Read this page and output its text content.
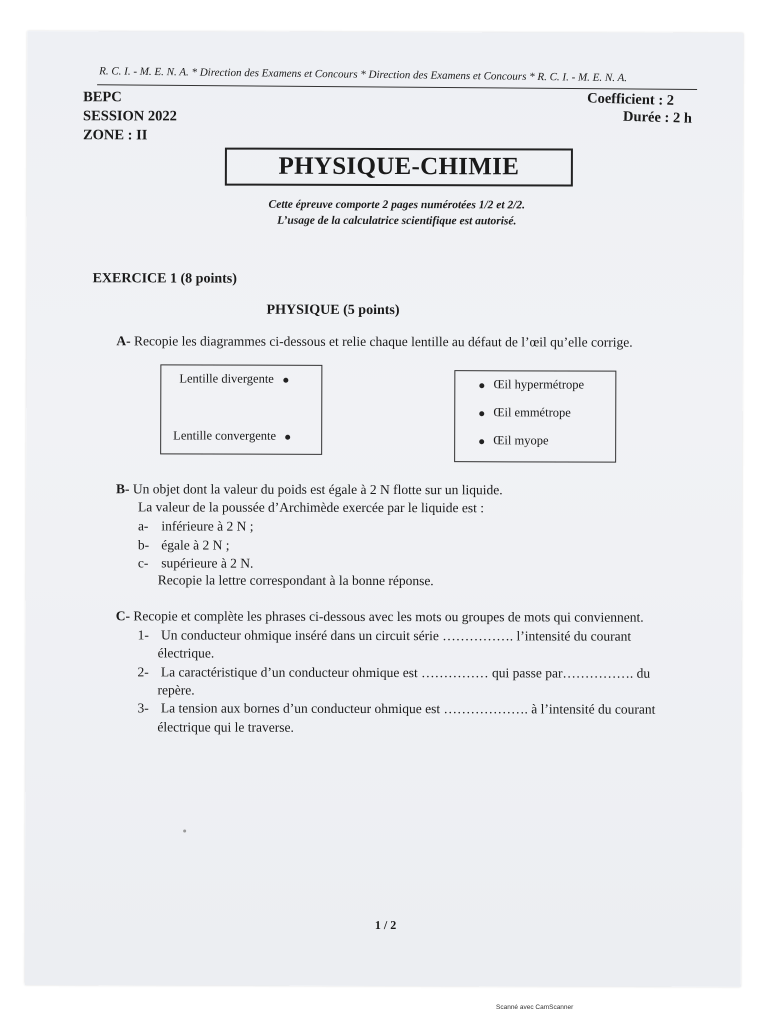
R. C. I. - M. E. N. A. * Direction des Examens et Concours * Direction des Examens et Concours * R. C. I. - M. E. N. A.
BEPC
SESSION 2022
ZONE : II
Coefficient : 2
Durée : 2 h
PHYSIQUE-CHIMIE
Cette épreuve comporte 2 pages numérotées 1/2 et 2/2.
L’usage de la calculatrice scientifique est autorisé.
EXERCICE 1 (8 points)
PHYSIQUE (5 points)
A- Recopie les diagrammes ci-dessous et relie chaque lentille au défaut de l’œil qu’elle corrige.
Lentille divergente
Lentille convergente
Œil hypermétrope
Œil emmétrope
Œil myope
B- Un objet dont la valeur du poids est égale à 2 N flotte sur un liquide.
La valeur de la poussée d’Archimède exercée par le liquide est :
a- inférieure à 2 N ;
b- égale à 2 N ;
c- supérieure à 2 N.
Recopie la lettre correspondant à la bonne réponse.
C- Recopie et complète les phrases ci-dessous avec les mots ou groupes de mots qui conviennent.
1- Un conducteur ohmique inséré dans un circuit série ……………. l’intensité du courant
électrique.
2- La caractéristique d’un conducteur ohmique est …………… qui passe par……………. du
repère.
3- La tension aux bornes d’un conducteur ohmique est ………………. à l’intensité du courant
électrique qui le traverse.
1 / 2
Scanné avec CamScanner
